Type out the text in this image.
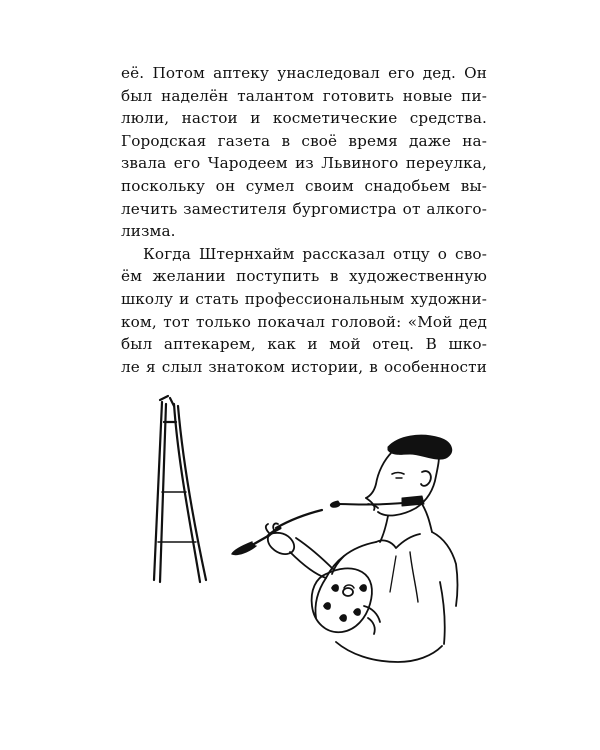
её. Потом аптеку унаследовал его дед. Он
был наделён талантом готовить новые пи-
люли, настои и косметические средства.
Городская газета в своё время даже на-
звала его Чародеем из Львиного переулка,
поскольку он сумел своим снадобьем вы-
лечить заместителя бургомистра от алкого-
лизма.
Когда Штернхайм рассказал отцу о сво-
ём желании поступить в художественную
школу и стать профессиональным художни-
ком, тот только покачал головой: «Мой дед
был аптекарем, как и мой отец. В шко-
ле я слыл знатоком истории, в особенности
